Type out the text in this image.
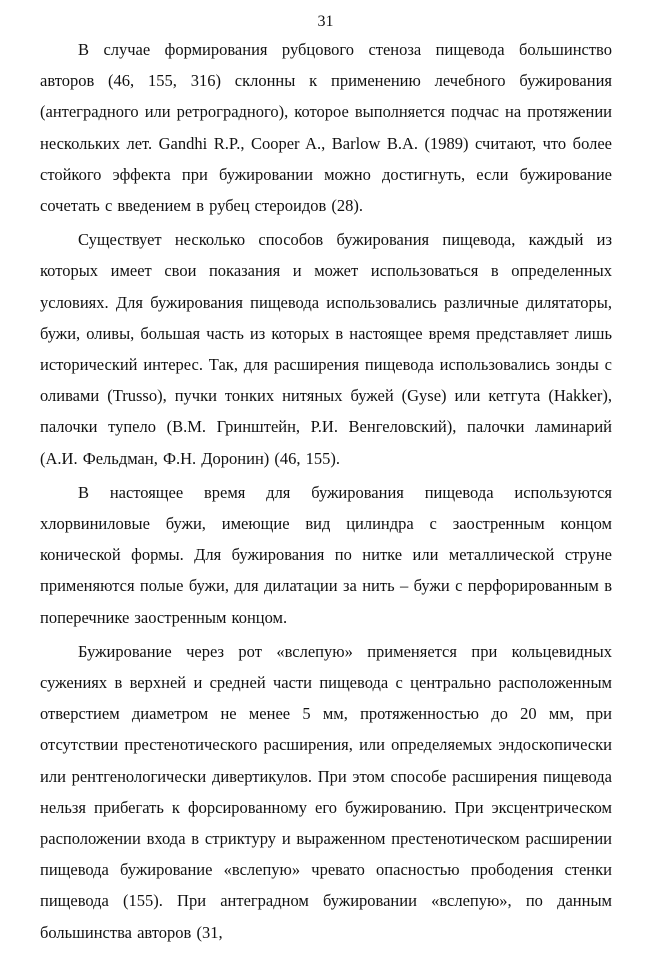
31

В случае формирования рубцового стеноза пищевода большинство авторов (46, 155, 316) склонны к применению лечебного бужирования (антеградного или ретроградного), которое выполняется подчас на протяжении нескольких лет. Gandhi R.P., Cooper A., Barlow B.A. (1989) считают, что более стойкого эффекта при бужировании можно достигнуть, если бужирование сочетать с введением в рубец стероидов (28).

Существует несколько способов бужирования пищевода, каждый из которых имеет свои показания и может использоваться в определенных условиях. Для бужирования пищевода использовались различные дилятаторы, бужи, оливы, большая часть из которых в настоящее время представляет лишь исторический интерес. Так, для расширения пищевода использовались зонды с оливами (Trusso), пучки тонких нитяных бужей (Gyse) или кетгута (Hakker), палочки тупело (В.М. Гринштейн, Р.И. Венгеловский), палочки ламинарий (А.И. Фельдман, Ф.Н. Доронин) (46, 155).

В настоящее время для бужирования пищевода используются хлорвиниловые бужи, имеющие вид цилиндра с заостренным концом конической формы. Для бужирования по нитке или металлической струне применяются полые бужи, для дилатации за нить – бужи с перфорированным в поперечнике заостренным концом.

Бужирование через рот «вслепую» применяется при кольцевидных сужениях в верхней и средней части пищевода с центрально расположенным отверстием диаметром не менее 5 мм, протяженностью до 20 мм, при отсутствии престенотического расширения, или определяемых эндоскопически или рентгенологически дивертикулов. При этом способе расширения пищевода нельзя прибегать к форсированному его бужированию. При эксцентрическом расположении входа в стриктуру и выраженном престенотическом расширении пищевода бужирование «вслепую» чревато опасностью прободения стенки пищевода (155). При антеградном бужировании «вслепую», по данным большинства авторов (31,
